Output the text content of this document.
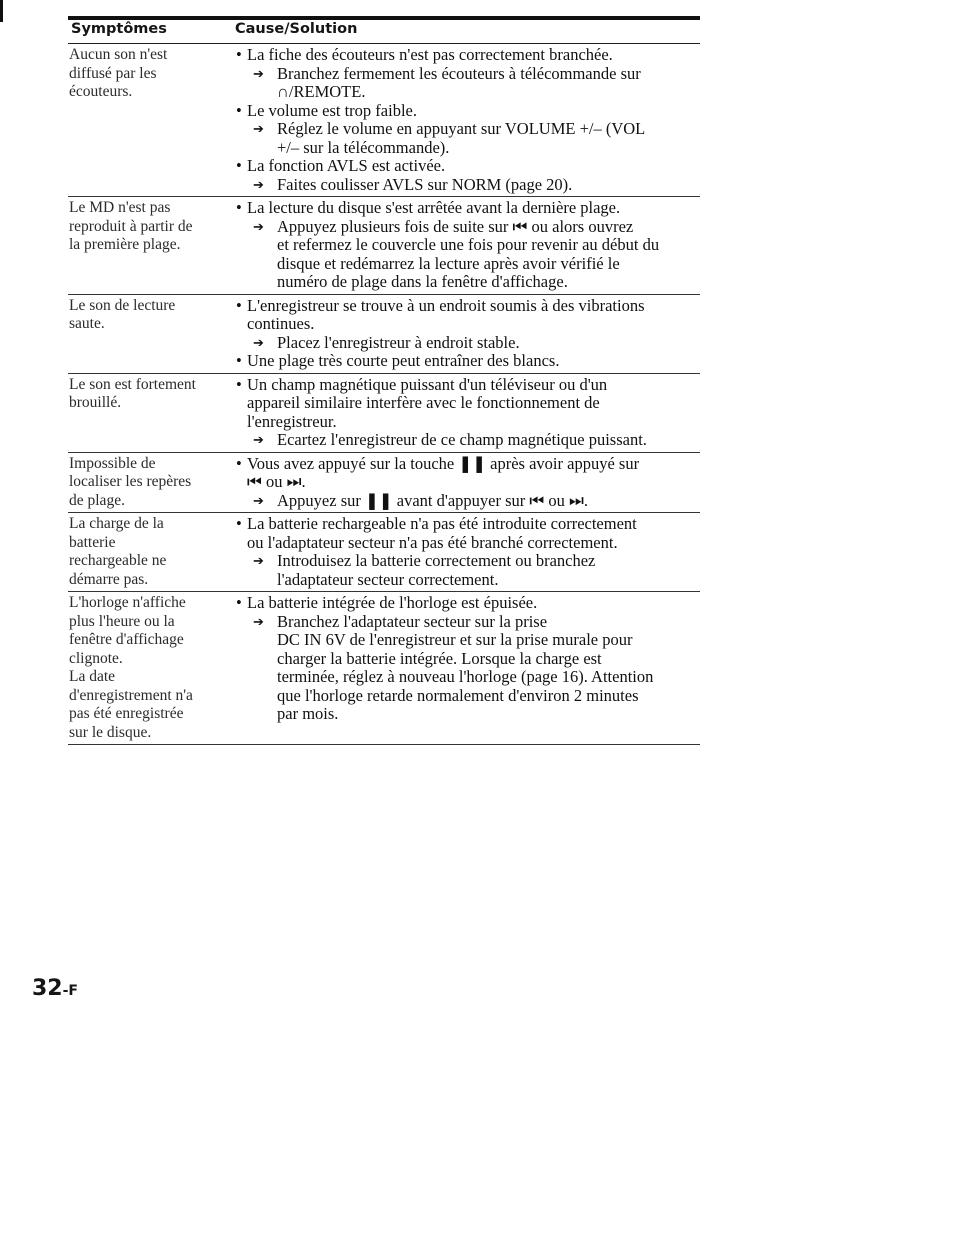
Symptômes	Cause/Solution
Aucun son n'est
diffusé par les
écouteurs.
• La fiche des écouteurs n'est pas correctement branchée.
➔ Branchez fermement les écouteurs à télécommande sur
∩/REMOTE.
• Le volume est trop faible.
➔ Réglez le volume en appuyant sur VOLUME +/– (VOL
+/– sur la télécommande).
• La fonction AVLS est activée.
➔ Faites coulisser AVLS sur NORM (page 20).
Le MD n'est pas
reproduit à partir de
la première plage.
• La lecture du disque s'est arrêtée avant la dernière plage.
➔ Appuyez plusieurs fois de suite sur ⏮ ou alors ouvrez
et refermez le couvercle une fois pour revenir au début du
disque et redémarrez la lecture après avoir vérifié le
numéro de plage dans la fenêtre d'affichage.
Le son de lecture
saute.
• L'enregistreur se trouve à un endroit soumis à des vibrations
continues.
➔ Placez l'enregistreur à endroit stable.
• Une plage très courte peut entraîner des blancs.
Le son est fortement
brouillé.
• Un champ magnétique puissant d'un téléviseur ou d'un
appareil similaire interfère avec le fonctionnement de
l'enregistreur.
➔ Ecartez l'enregistreur de ce champ magnétique puissant.
Impossible de
localiser les repères
de plage.
• Vous avez appuyé sur la touche ❚❚ après avoir appuyé sur
⏮ ou ⏭.
➔ Appuyez sur ❚❚ avant d'appuyer sur ⏮ ou ⏭.
La charge de la
batterie
rechargeable ne
démarre pas.
• La batterie rechargeable n'a pas été introduite correctement
ou l'adaptateur secteur n'a pas été branché correctement.
➔ Introduisez la batterie correctement ou branchez
l'adaptateur secteur correctement.
L'horloge n'affiche
plus l'heure ou la
fenêtre d'affichage
clignote.
La date
d'enregistrement n'a
pas été enregistrée
sur le disque.
• La batterie intégrée de l'horloge est épuisée.
➔ Branchez l'adaptateur secteur sur la prise
DC IN 6V de l'enregistreur et sur la prise murale pour
charger la batterie intégrée. Lorsque la charge est
terminée, réglez à nouveau l'horloge (page 16). Attention
que l'horloge retarde normalement d'environ 2 minutes
par mois.
32-F
